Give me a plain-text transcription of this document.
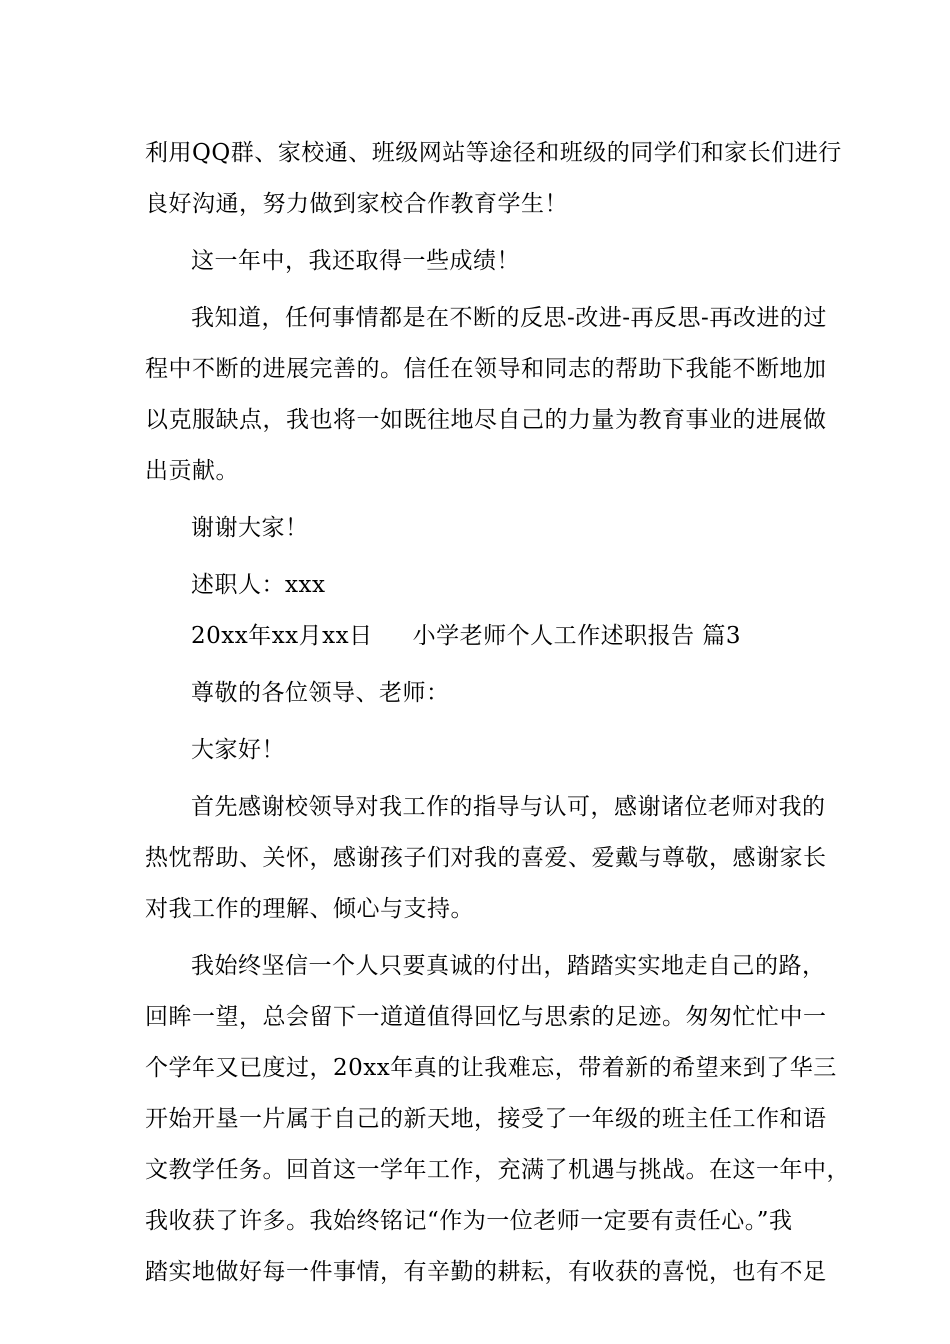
利用QQ群、家校通、班级网站等途径和班级的同学们和家长们进行
良好沟通，努力做到家校合作教育学生！
这一年中，我还取得一些成绩！
我知道，任何事情都是在不断的反思-改进-再反思-再改进的过
程中不断的进展完善的。信任在领导和同志的帮助下我能不断地加
以克服缺点，我也将一如既往地尽自己的力量为教育事业的进展做
出贡献。
谢谢大家！
述职人：xxx
20xx年xx月xx日 小学老师个人工作述职报告 篇3
尊敬的各位领导、老师：
大家好！
首先感谢校领导对我工作的指导与认可，感谢诸位老师对我的
热忱帮助、关怀，感谢孩子们对我的喜爱、爱戴与尊敬，感谢家长
对我工作的理解、倾心与支持。
我始终坚信一个人只要真诚的付出，踏踏实实地走自己的路，
回眸一望，总会留下一道道值得回忆与思索的足迹。匆匆忙忙中一
个学年又已度过，20xx年真的让我难忘，带着新的希望来到了华三
开始开垦一片属于自己的新天地，接受了一年级的班主任工作和语
文教学任务。回首这一学年工作，充满了机遇与挑战。在这一年中，
我收获了许多。我始终铭记“作为一位老师一定要有责任心。”我
踏实地做好每一件事情，有辛勤的耕耘，有收获的喜悦，也有不足
